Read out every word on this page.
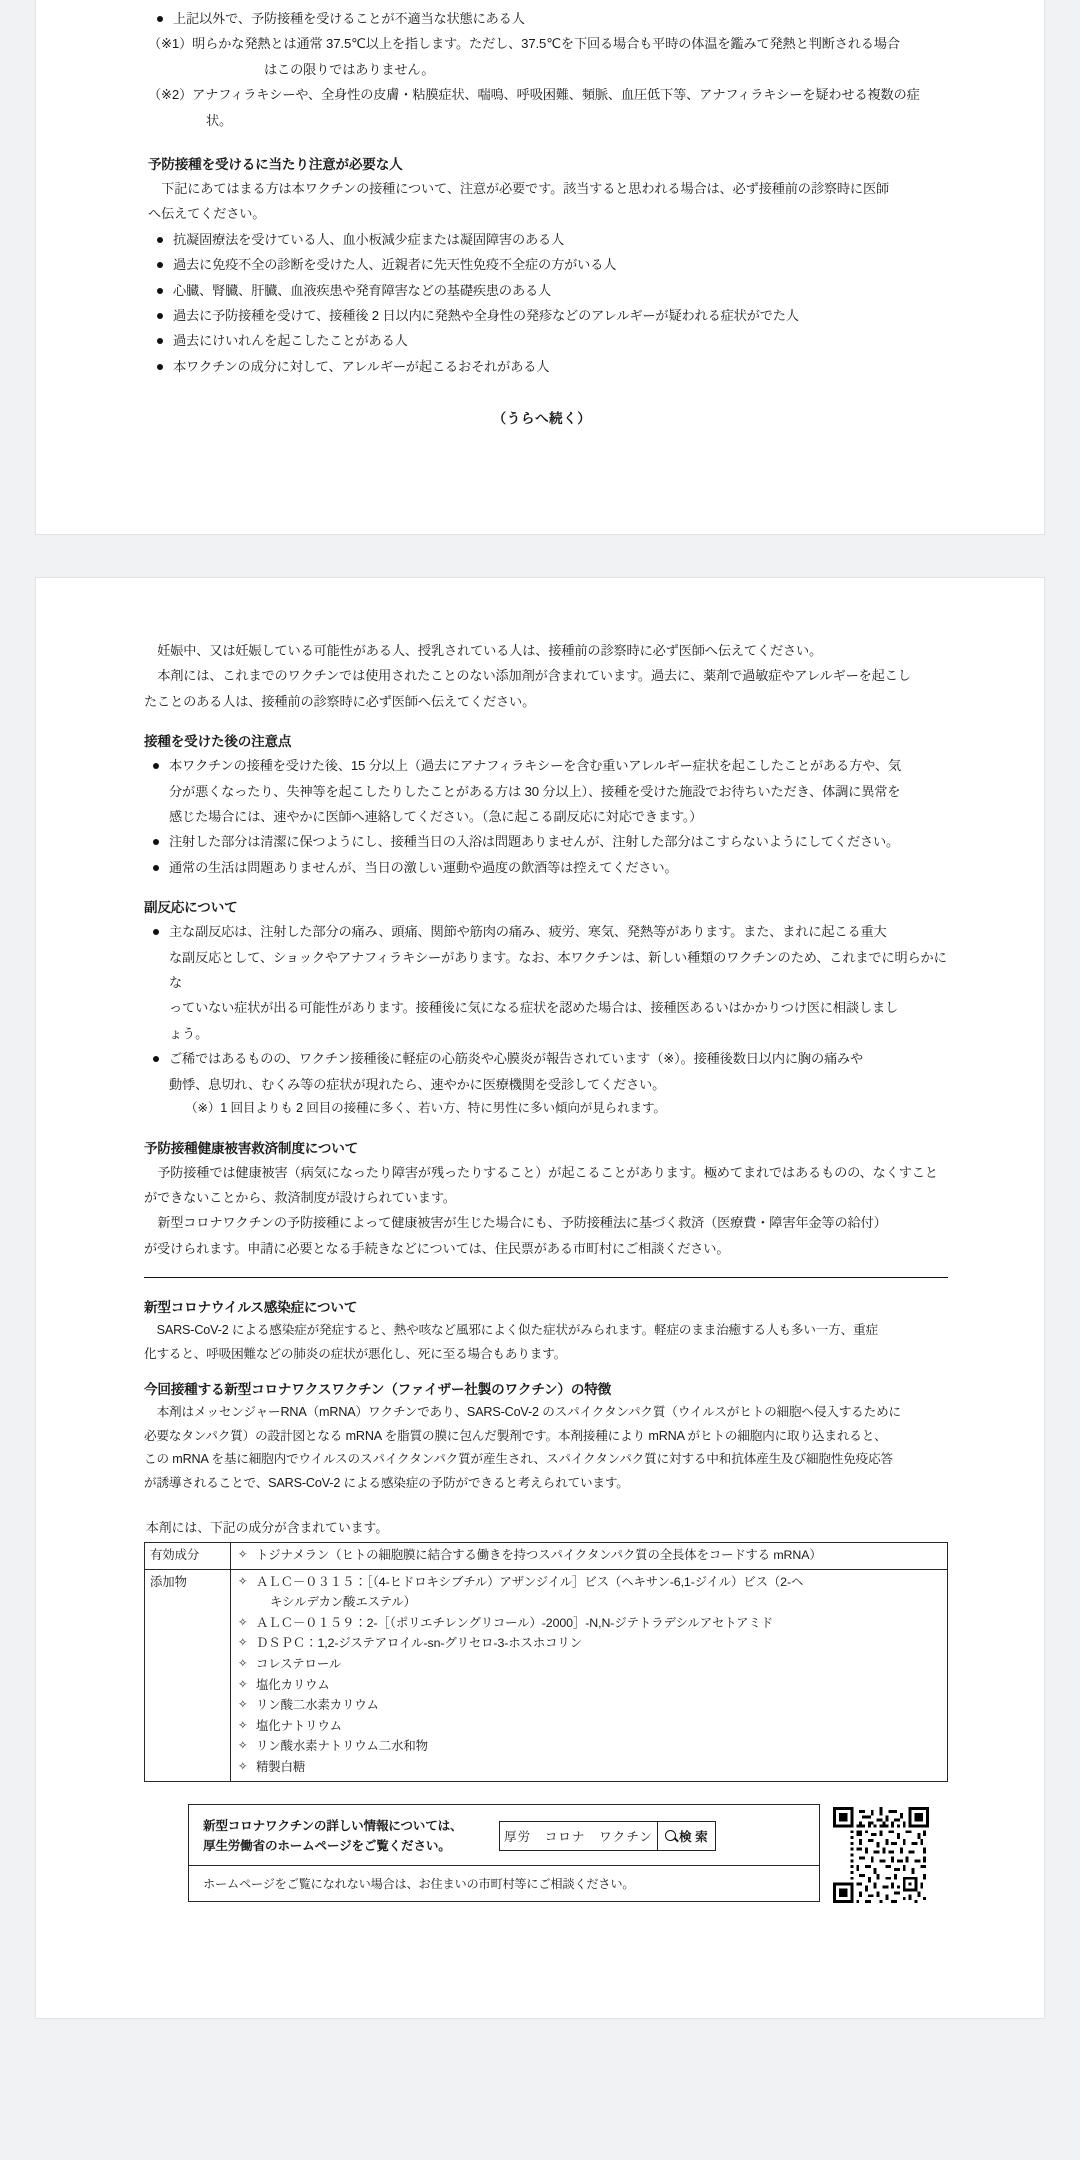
上記以外で、予防接種を受けることが不適当な状態にある人
（※1）明らかな発熱とは通常 37.5℃以上を指します。ただし、37.5℃を下回る場合も平時の体温を鑑みて発熱と判断される場合
はこの限りではありません。
（※2）アナフィラキシーや、全身性の皮膚・粘膜症状、喘鳴、呼吸困難、頻脈、血圧低下等、アナフィラキシーを疑わせる複数の症状。
予防接種を受けるに当たり注意が必要な人

下記にあてはまる方は本ワクチンの接種について、注意が必要です。該当すると思われる場合は、必ず接種前の診察時に医師

へ伝えてください。

抗凝固療法を受けている人、血小板減少症または凝固障害のある人
過去に免疫不全の診断を受けた人、近親者に先天性免疫不全症の方がいる人
心臓、腎臓、肝臓、血液疾患や発育障害などの基礎疾患のある人
過去に予防接種を受けて、接種後 2 日以内に発熱や全身性の発疹などのアレルギーが疑われる症状がでた人
過去にけいれんを起こしたことがある人
本ワクチンの成分に対して、アレルギーが起こるおそれがある人

（うらへ続く）

妊娠中、又は妊娠している可能性がある人、授乳されている人は、接種前の診察時に必ず医師へ伝えてください。

本剤には、これまでのワクチンでは使用されたことのない添加剤が含まれています。過去に、薬剤で過敏症やアレルギーを起こし

たことのある人は、接種前の診察時に必ず医師へ伝えてください。

接種を受けた後の注意点
本ワクチンの接種を受けた後、15 分以上（過去にアナフィラキシーを含む重いアレルギー症状を起こしたことがある方や、気
分が悪くなったり、失神等を起こしたりしたことがある方は 30 分以上）、接種を受けた施設でお待ちいただき、体調に異常を
感じた場合には、速やかに医師へ連絡してください。（急に起こる副反応に対応できます。）
注射した部分は清潔に保つようにし、接種当日の入浴は問題ありませんが、注射した部分はこすらないようにしてください。
通常の生活は問題ありませんが、当日の激しい運動や過度の飲酒等は控えてください。
副反応について
主な副反応は、注射した部分の痛み、頭痛、関節や筋肉の痛み、疲労、寒気、発熱等があります。また、まれに起こる重大
な副反応として、ショックやアナフィラキシーがあります。なお、本ワクチンは、新しい種類のワクチンのため、これまでに明らかにな
っていない症状が出る可能性があります。接種後に気になる症状を認めた場合は、接種医あるいはかかりつけ医に相談しまし
ょう。
ご稀ではあるものの、ワクチン接種後に軽症の心筋炎や心膜炎が報告されています（※）。接種後数日以内に胸の痛みや
動悸、息切れ、むくみ等の症状が現れたら、速やかに医療機関を受診してください。
（※）1 回目よりも 2 回目の接種に多く、若い方、特に男性に多い傾向が見られます。
予防接種健康被害救済制度について

予防接種では健康被害（病気になったり障害が残ったりすること）が起こることがあります。極めてまれではあるものの、なくすこと

ができないことから、救済制度が設けられています。

新型コロナワクチンの予防接種によって健康被害が生じた場合にも、予防接種法に基づく救済（医療費・障害年金等の給付）

が受けられます。申請に必要となる手続きなどについては、住民票がある市町村にご相談ください。

新型コロナウイルス感染症について

SARS-CoV-2 による感染症が発症すると、熱や咳など風邪によく似た症状がみられます。軽症のまま治癒する人も多い一方、重症

化すると、呼吸困難などの肺炎の症状が悪化し、死に至る場合もあります。

今回接種する新型コロナワクスワクチン（ファイザー社製のワクチン）の特徴

本剤はメッセンジャーRNA（mRNA）ワクチンであり、SARS-CoV-2 のスパイクタンパク質（ウイルスがヒトの細胞へ侵入するために

必要なタンパク質）の設計図となる mRNA を脂質の膜に包んだ製剤です。本剤接種により mRNA がヒトの細胞内に取り込まれると、

この mRNA を基に細胞内でウイルスのスパイクタンパク質が産生され、スパイクタンパク質に対する中和抗体産生及び細胞性免疫応答

が誘導されることで、SARS-CoV-2 による感染症の予防ができると考えられています。

本剤には、下記の成分が含まれています。

有効成分	✧ トジナメラン（ヒトの細胞膜に結合する働きを持つスパイクタンパク質の全長体をコードする mRNA）

添加物	
✧ＡＬＣ－０３１５：［（4-ヒドロキシブチル）アザンジイル］ビス（ヘキサン-6,1-ジイル）ビス（2-ヘ
キシルデカン酸エステル）
✧ ＡＬＣ－０１５９：2-［（ポリエチレングリコール）-2000］-N,N-ジテトラデシルアセトアミド
✧ ＤＳＰＣ：1,2-ジステアロイル-sn-グリセロ-3-ホスホコリン
✧ コレステロール
✧ 塩化カリウム
✧ リン酸二水素カリウム
✧ 塩化ナトリウム
✧ リン酸水素ナトリウム二水和物
✧ 精製白糖
新型コロナワクチンの詳しい情報については、
厚生労働省のホームページをご覧ください。
厚労　コロナ　ワクチン	検 索
ホームページをご覧になれない場合は、お住まいの市町村等にご相談ください。
